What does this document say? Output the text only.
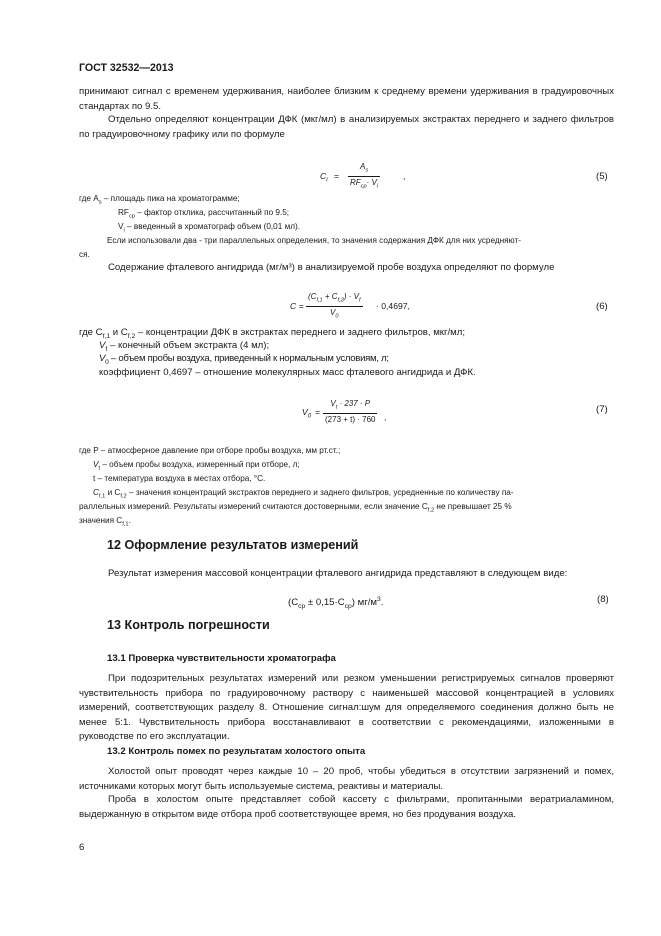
ГОСТ 32532—2013
принимают сигнал с временем удерживания, наиболее близким к среднему времени удерживания в градуировочных стандартах по 9.5.
Отдельно определяют концентрации ДФК (мкг/мл) в анализируемых экстрактах переднего и заднего фильтров по градуировочному графику или по формуле
$C_i$ =
$A_s$
$RF_{cp}\cdot V_i$
,	(5)
где $A_s$ – площадь пика на хроматограмме;
$RF_{ср}$ – фактор отклика, рассчитанный по 9.5;
$V_i$ – введенный в хроматограф объем (0,01 мл).
Если использовали два - три параллельных определения, то значения содержания ДФК для них усредняют-
ся.
Содержание фталевого ангидрида (мг/м³) в анализируемой пробе воздуха определяют по формуле
C =
$(C_{f,1} + C_{f,2}) \cdot V_f$
$V_0$
· 0,4697,	(6)
где $C_{f,1}$ и $C_{f,2}$ – концентрации ДФК в экстрактах переднего и заднего фильтров, мкг/мл;
$V_f$ – конечный объем экстракта (4 мл);
$V_0$ – объем пробы воздуха, приведенный к нормальным условиям, л;
коэффициент 0,4697 – отношение молекулярных масс фталевого ангидрида и ДФК.
$V_0$ =
$V_t \cdot 237 \cdot P$
(273 + t) · 760 ,
(7)
где P – атмосферное давление при отборе пробы воздуха, мм рт.ст.;
$V_t$ – объем пробы воздуха, измеренный при отборе, л;
t – температура воздуха в местах отбора, °С.
$C_{f,1}$ и $C_{f,2}$ – значения концентраций экстрактов переднего и заднего фильтров, усредненные по количеству па-
раллельных измерений. Результаты измерений считаются достоверными, если значение $C_{f,2}$ не превышает 25 %
значения $C_{f,1}$.
12 Оформление результатов измерений
Результат измерения массовой концентрации фталевого ангидрида представляют в следующем виде:
$(C_{ср} \pm 0,15\cdot C_{ср})$ $мг/м^3$.	(8)
13 Контроль погрешности
13.1 Проверка чувствительности хроматографа
При подозрительных результатах измерений или резком уменьшении регистрируемых сигналов проверяют чувствительность прибора по градуировочному раствору с наименьшей массовой концентрацией в условиях измерений, соответствующих разделу 8. Отношение сигнал:шум для определяемого соединения должно быть не менее 5:1. Чувствительность прибора восстанавливают в соответствии с рекомендациями, изложенными в руководстве по его эксплуатации.
13.2 Контроль помех по результатам холостого опыта
Холостой опыт проводят через каждые 10 – 20 проб, чтобы убедиться в отсутствии загрязнений и помех, источниками которых могут быть используемые система, реактивы и материалы.
Проба в холостом опыте представляет собой кассету с фильтрами, пропитанными вератриаламином, выдержанную в открытом виде отбора проб соответствующее время, но без продувания воздуха.
6
